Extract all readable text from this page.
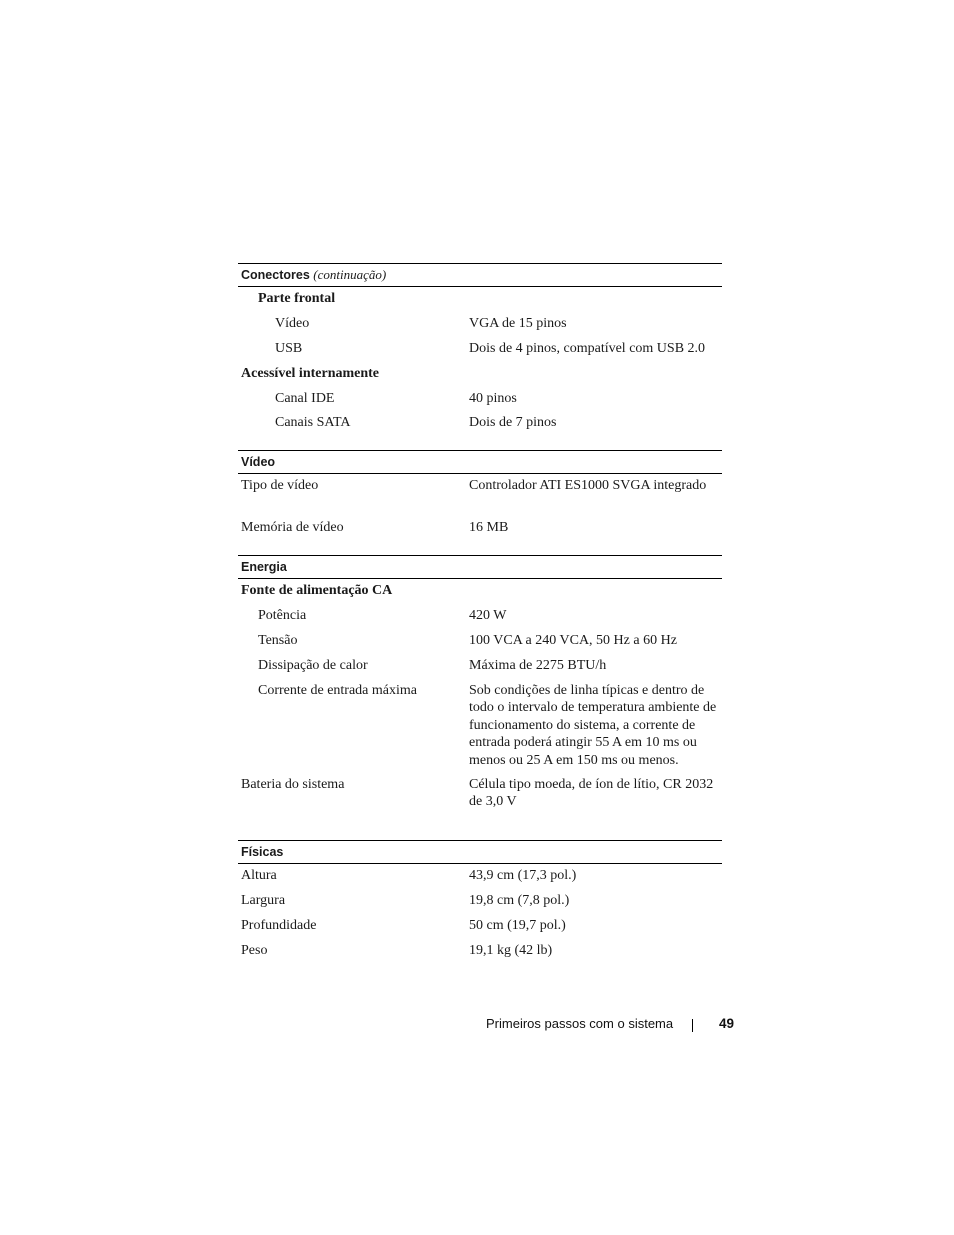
Conectores (continuação)
Parte frontal
Vídeo	VGA de 15 pinos
USB	Dois de 4 pinos, compatível com USB 2.0
Acessível internamente
Canal IDE	40 pinos
Canais SATA	Dois de 7 pinos
Vídeo
Tipo de vídeo	Controlador ATI ES1000 SVGA integrado
Memória de vídeo	16 MB
Energia
Fonte de alimentação CA
Potência	420 W
Tensão	100 VCA a 240 VCA, 50 Hz a 60 Hz
Dissipação de calor	Máxima de 2275 BTU/h
Corrente de entrada máxima	Sob condições de linha típicas e dentro de todo o intervalo de temperatura ambiente de funcionamento do sistema, a corrente de entrada poderá atingir 55 A em 10 ms ou menos ou 25 A em 150 ms ou menos.
Bateria do sistema	Célula tipo moeda, de íon de lítio, CR 2032 de 3,0 V
Físicas
Altura	43,9 cm (17,3 pol.)
Largura	19,8 cm (7,8 pol.)
Profundidade	50 cm (19,7 pol.)
Peso	19,1 kg (42 lb)
Primeiros passos com o sistema	49
